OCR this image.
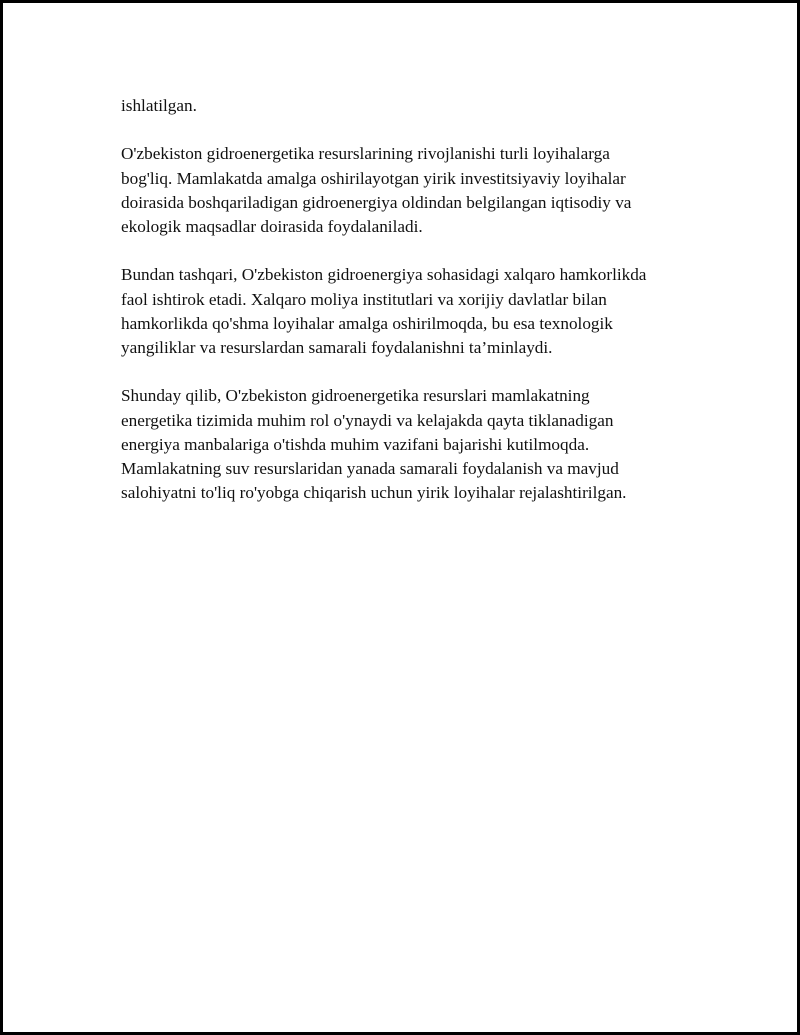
ishlatilgan.

O'zbekiston gidroenergetika resurslarining rivojlanishi turli loyihalarga
bog'liq. Mamlakatda amalga oshirilayotgan yirik investitsiyaviy loyihalar
doirasida boshqariladigan gidroenergiya oldindan belgilangan iqtisodiy va
ekologik maqsadlar doirasida foydalaniladi.

Bundan tashqari, O'zbekiston gidroenergiya sohasidagi xalqaro hamkorlikda
faol ishtirok etadi. Xalqaro moliya institutlari va xorijiy davlatlar bilan
hamkorlikda qo'shma loyihalar amalga oshirilmoqda, bu esa texnologik
yangiliklar va resurslardan samarali foydalanishni ta’minlaydi.

Shunday qilib, O'zbekiston gidroenergetika resurslari mamlakatning
energetika tizimida muhim rol o'ynaydi va kelajakda qayta tiklanadigan
energiya manbalariga o'tishda muhim vazifani bajarishi kutilmoqda.
Mamlakatning suv resurslaridan yanada samarali foydalanish va mavjud
salohiyatni to'liq ro'yobga chiqarish uchun yirik loyihalar rejalashtirilgan.
